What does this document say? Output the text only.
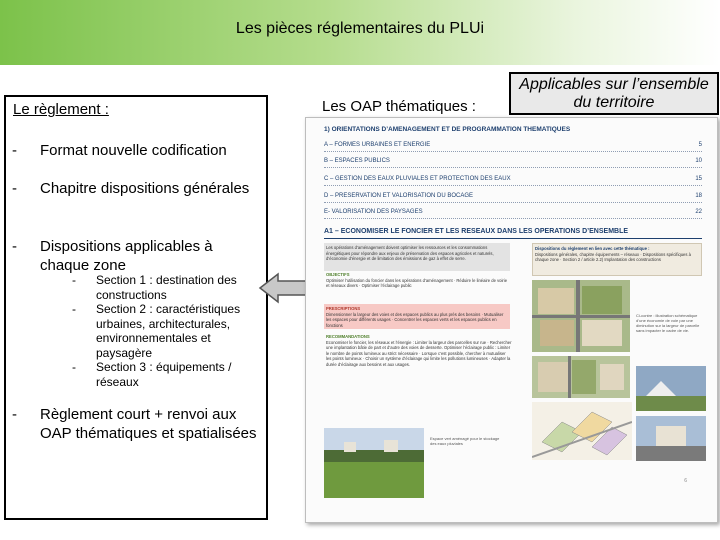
Les pièces réglementaires du PLUi
Le règlement :
-	Format nouvelle codification
-	Chapitre dispositions générales
-	Dispositions applicables à chaque zone
- Section 1 : destination des constructions
- Section 2 : caractéristiques urbaines, architecturales, environnementales et paysagère
- Section 3 : équipements / réseaux
-	Règlement court + renvoi aux OAP thématiques et spatialisées
Les OAP thématiques :
Applicables sur l’ensemble du territoire
1) ORIENTATIONS D’AMENAGEMENT ET DE PROGRAMMATION THEMATIQUES
A – FORMES URBAINES ET ENERGIE	5
B – ESPACES PUBLICS	10
C – GESTION DES EAUX PLUVIALES ET PROTECTION DES EAUX	15
D – PRESERVATION ET VALORISATION DU BOCAGE	18
E- VALORISATION DES PAYSAGES	22
A1 – ECONOMISER LE FONCIER ET LES RESEAUX DANS LES OPERATIONS D’ENSEMBLE
Les opérations d’aménagement doivent optimiser les ressources et les consommations énergétiques pour répondre aux enjeux de préservation des espaces agricoles et naturels, d’économie d’énergie et de limitation des émissions de gaz à effet de serre.
Dispositions du règlement en lien avec cette thématique :
Dispositions générales, chapitre équipements – réseaux · Dispositions spécifiques à chaque zone · Section 2 / article 2.2) Implantation des constructions
OBJECTIFS
Optimiser l’utilisation du foncier dans les opérations d’aménagement · Réduire le linéaire de voirie et réseaux divers · Optimiser l’éclairage public
PRESCRIPTIONS
Dimensionner la largeur des voies et des espaces publics au plus près des besoins · Mutualiser les espaces pour différents usages · Concentrer les espaces verts et les espaces publics en fonctions
RECOMMANDATIONS
Economiser le foncier, les réseaux et l’énergie : Limiter la largeur des parcelles sur rue · Rechercher une implantation bâtie de part et d’autre des voies de desserte. Optimiser l’éclairage public : Limiter le nombre de points lumineux au strict nécessaire · Lorsque c’est possible, chercher à mutualiser les points lumineux · Choisir un système d’éclairage qui limite les pollutions lumineuses · Adapter la durée d’éclairage aux besoins et aux usages.
Ci-contre : illustration schématique d’une économie de voie par une diminution sur la largeur de parcelle sans impacter le cadre de vie.
Espace vert aménagé pour le stockage des eaux pluviales
6
